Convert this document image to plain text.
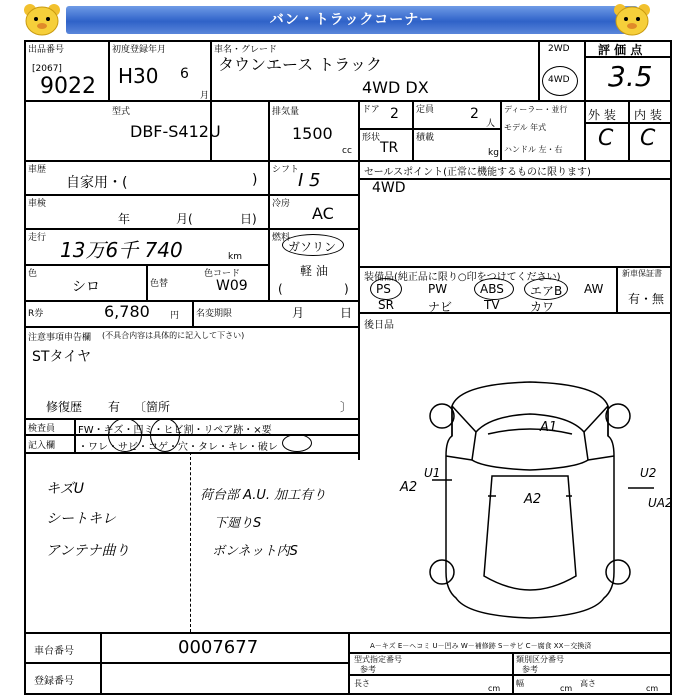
バン・トラックコーナー
出品番号
[2067]
9022
初度登録年月
H30 6
月
車名・グレード
タウンエース トラック
4WD DX
2WD
4WD
評 価 点
3.5
型式
DBF-S412U
排気量
1500
cc
ドア 2 定員	2
人
形状
TR
積載
kg
ディーラー・並行
モデル 年式
ハンドル 左・右
外 装 内 装
C C
車歴
自家用・(	)
シフト
I 5
車検
年	月(	日)
冷房 AC
走行 13万6千 740	km
燃料
ガソリン
軽 油
(	)
色
シロ	色替
色コード
W09
R券	6,780 円 名変期限	月	日
注意事項申告欄 (不具合内容は具体的に記入して下さい)
STタイヤ
修復歴 有 〔箇所	〕
検査員
記入欄
FW・キズ・凹ミ・ヒビ割・リペア跡・×要
・ワレ・サビ・コゲ・穴・タレ・キレ・破レ
キズU
シートキレ
アンテナ曲り
荷台部 A.U. 加工有り
下廻りS
ボンネット内S
セールスポイント(正常に機能するものに限ります)
4WD
装備品(純正品に限り○印をつけてください)
PS	PW	ABS エアB AW
SR	ナビ	TV	カワ
新車保証書
有・無
後日品
A1
A2
A2
U1	U2
UA2
車台番号	0007677
登録番号
A－キズ E－ヘコミ U－凹み W－補修跡 S－サビ C－腐食 XX－交換済
型式指定番号
参考
類別区分番号
参考
長さ
cm
幅
cm
高さ
cm
